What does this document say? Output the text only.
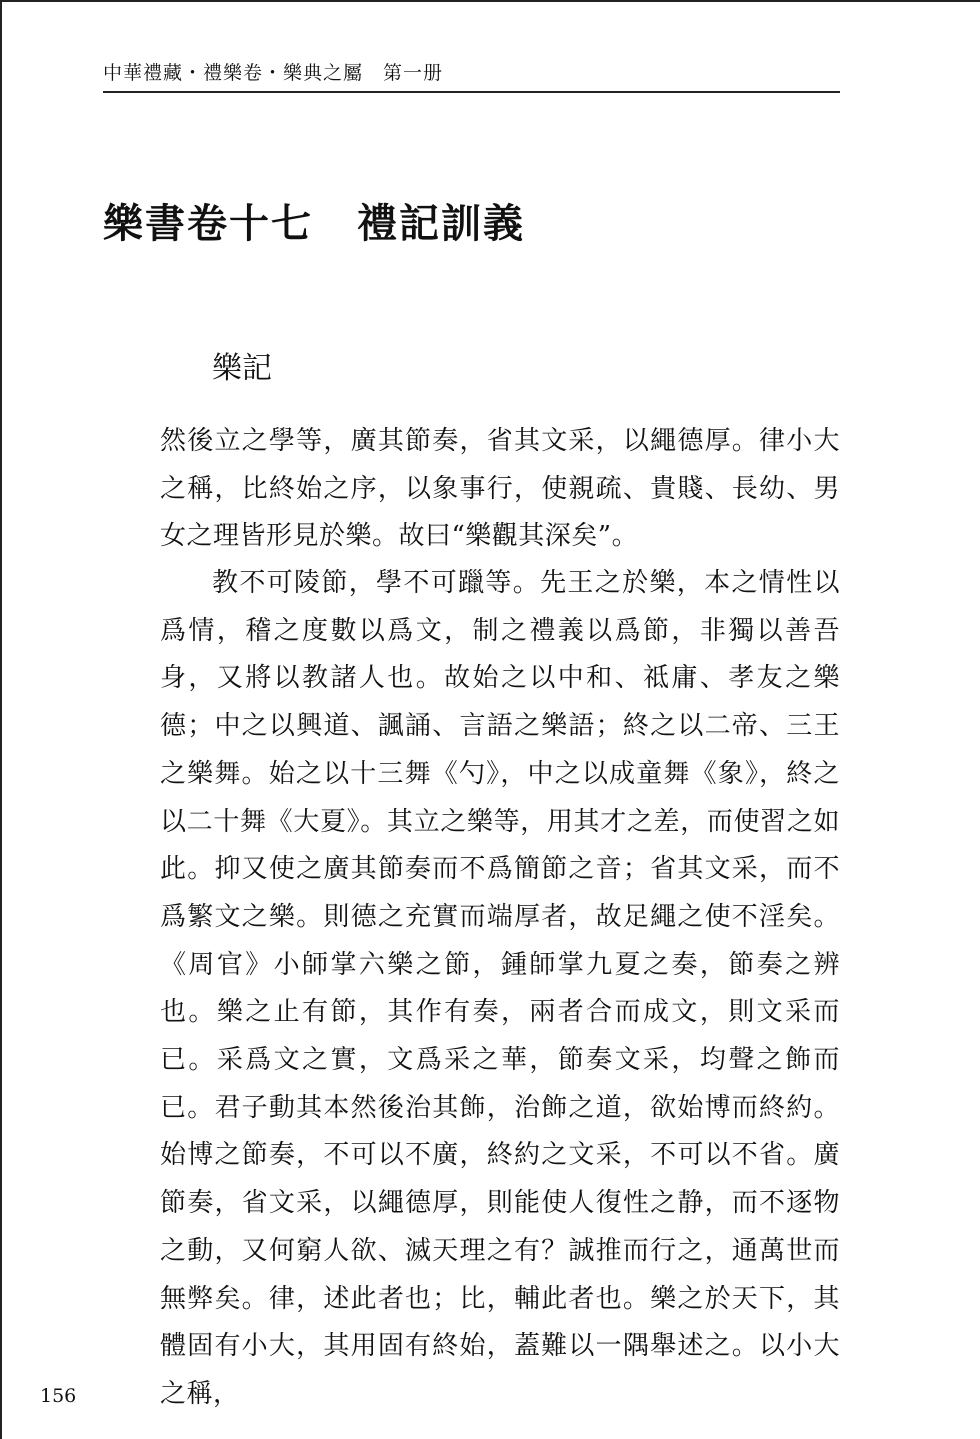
中華禮藏・禮樂卷・樂典之屬　第一册
樂書卷十七 禮記訓義
樂記
然後立之學等，廣其節奏，省其文采，以繩德厚。律小大之稱，比終始之序，以象事行，使親疏、貴賤、長幼、男女之理皆形見於樂。故曰“樂觀其深矣”。
教不可陵節，學不可躐等。先王之於樂，本之情性以爲情，稽之度數以爲文，制之禮義以爲節，非獨以善吾身，又將以教諸人也。故始之以中和、祗庸、孝友之樂德；中之以興道、諷誦、言語之樂語；終之以二帝、三王之樂舞。始之以十三舞《勺》，中之以成童舞《象》，終之以二十舞《大夏》。其立之樂等，用其才之差，而使習之如此。抑又使之廣其節奏而不爲簡節之音；省其文采，而不爲繁文之樂。則德之充實而端厚者，故足繩之使不淫矣。《周官》小師掌六樂之節，鍾師掌九夏之奏，節奏之辨也。樂之止有節，其作有奏，兩者合而成文，則文采而已。采爲文之實，文爲采之華，節奏文采，均聲之飾而已。君子動其本然後治其飾，治飾之道，欲始博而終約。始博之節奏，不可以不廣，終約之文采，不可以不省。廣節奏，省文采，以繩德厚，則能使人復性之静，而不逐物之動，又何窮人欲、滅天理之有？誠推而行之，通萬世而無弊矣。律，述此者也；比，輔此者也。樂之於天下，其體固有小大，其用固有終始，蓋難以一隅舉述之。以小大之稱，
156
